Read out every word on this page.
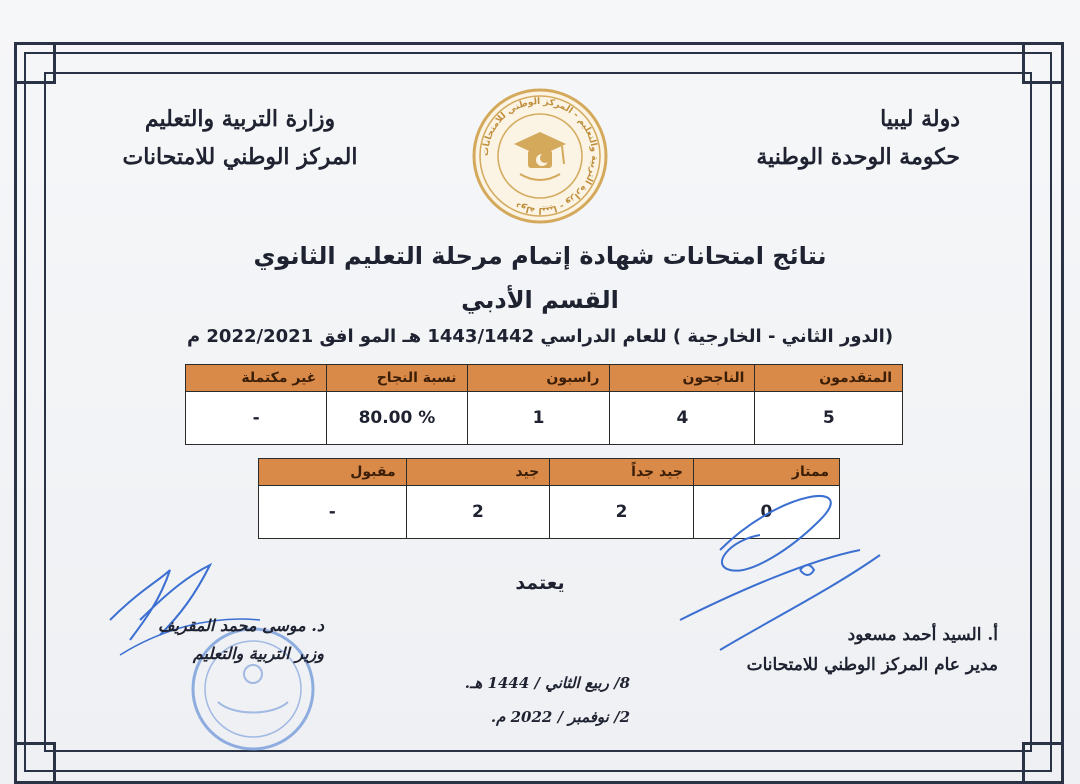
دولة ليبيا
حكومة الوحدة الوطنية
وزارة التربية والتعليم
المركز الوطني للامتحانات	دولة ليبيا - وزارة التربية والتعليم - المركز الوطني للامتحانات
نتائج امتحانات شهادة إتمام مرحلة التعليم الثانوي
القسم الأدبي
(الدور الثاني - الخارجية ) للعام الدراسي 1443/1442 هـ المو افق 2022/2021 م
المتقدمون	الناجحون	راسبون	نسبة النجاح	غير مكتملة
5	4	1	% 80.00	-
ممتاز	جيد جداً	جيد	مقبول
0	2	2	-
يعتمد
أ. السيد أحمد مسعود
مدير عام المركز الوطني للامتحانات
د. موسى محمد المقريف
وزير التربية والتعليم
8/ ربيع الثاني / 1444 هـ.
2/ نوفمبر / 2022 م.
